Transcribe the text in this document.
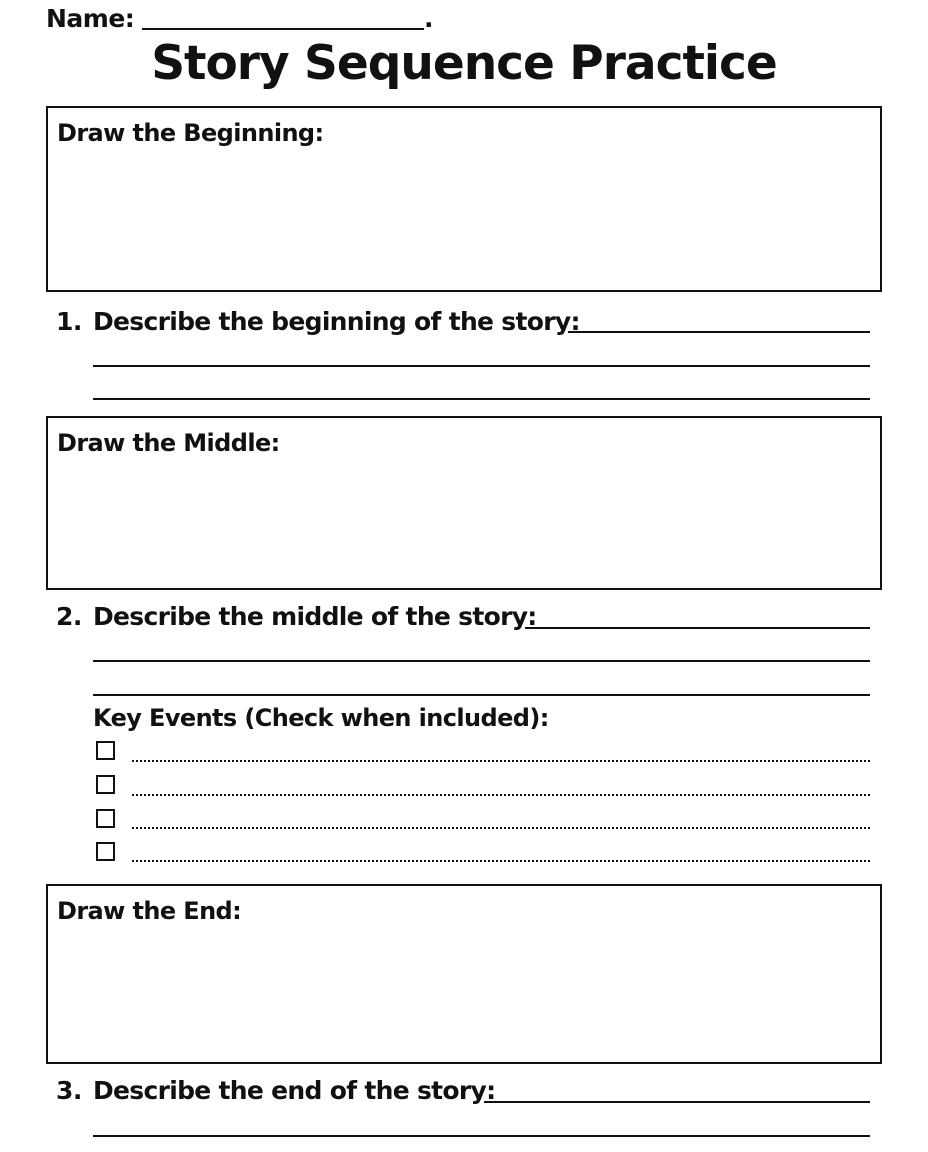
Name:	.
Story Sequence Practice
Draw the Beginning:
1. Describe the beginning of the story:
Draw the Middle:
2. Describe the middle of the story:
Key Events (Check when included):
Draw the End:
3. Describe the end of the story:
